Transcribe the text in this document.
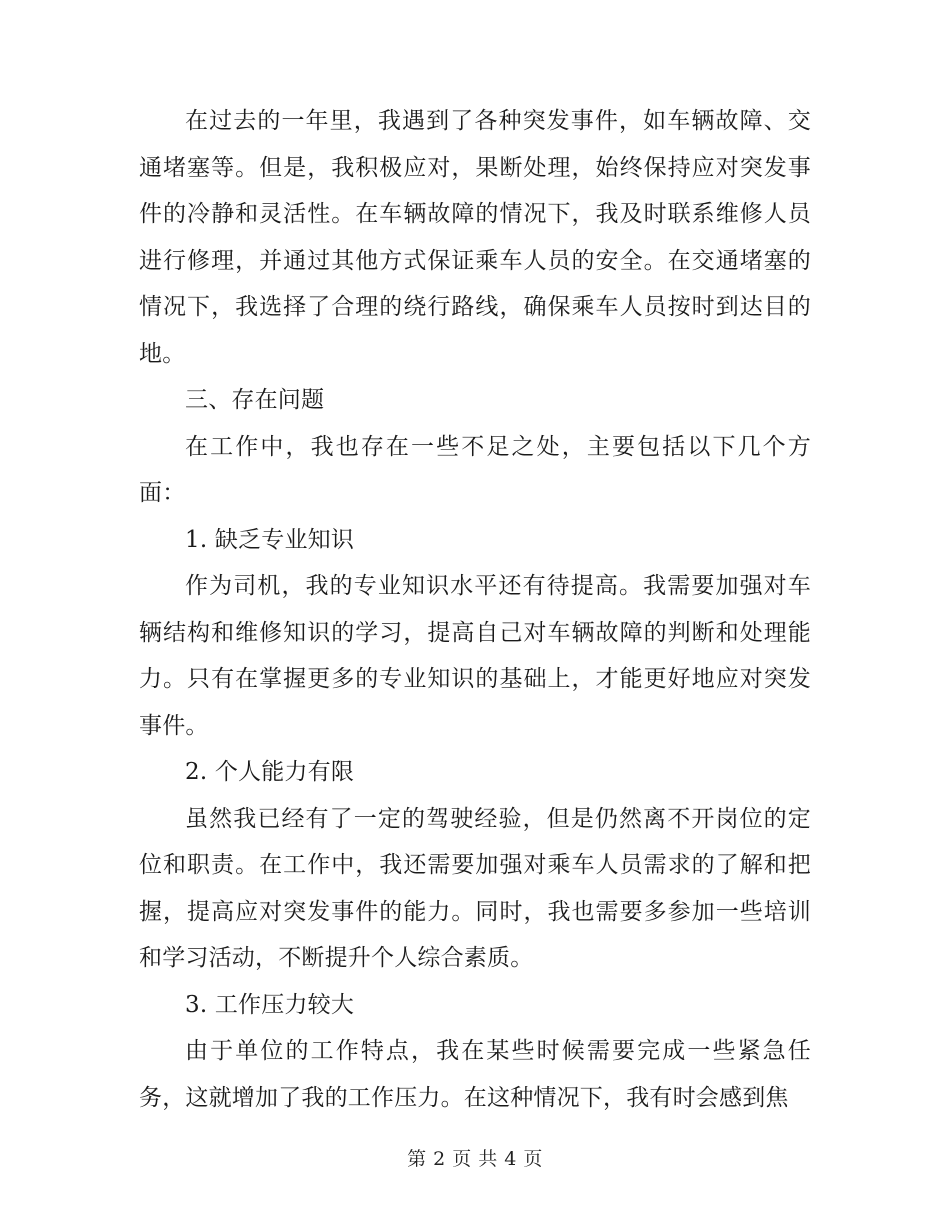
在过去的一年里，我遇到了各种突发事件，如车辆故障、交通堵塞等。但是，我积极应对，果断处理，始终保持应对突发事件的冷静和灵活性。在车辆故障的情况下，我及时联系维修人员进行修理，并通过其他方式保证乘车人员的安全。在交通堵塞的情况下，我选择了合理的绕行路线，确保乘车人员按时到达目的地。

三、存在问题

在工作中，我也存在一些不足之处，主要包括以下几个方面：

1. 缺乏专业知识

作为司机，我的专业知识水平还有待提高。我需要加强对车辆结构和维修知识的学习，提高自己对车辆故障的判断和处理能力。只有在掌握更多的专业知识的基础上，才能更好地应对突发事件。

2. 个人能力有限

虽然我已经有了一定的驾驶经验，但是仍然离不开岗位的定位和职责。在工作中，我还需要加强对乘车人员需求的了解和把握，提高应对突发事件的能力。同时，我也需要多参加一些培训和学习活动，不断提升个人综合素质。

3. 工作压力较大

由于单位的工作特点，我在某些时候需要完成一些紧急任务，这就增加了我的工作压力。在这种情况下，我有时会感到焦

第 2 页 共 4 页
